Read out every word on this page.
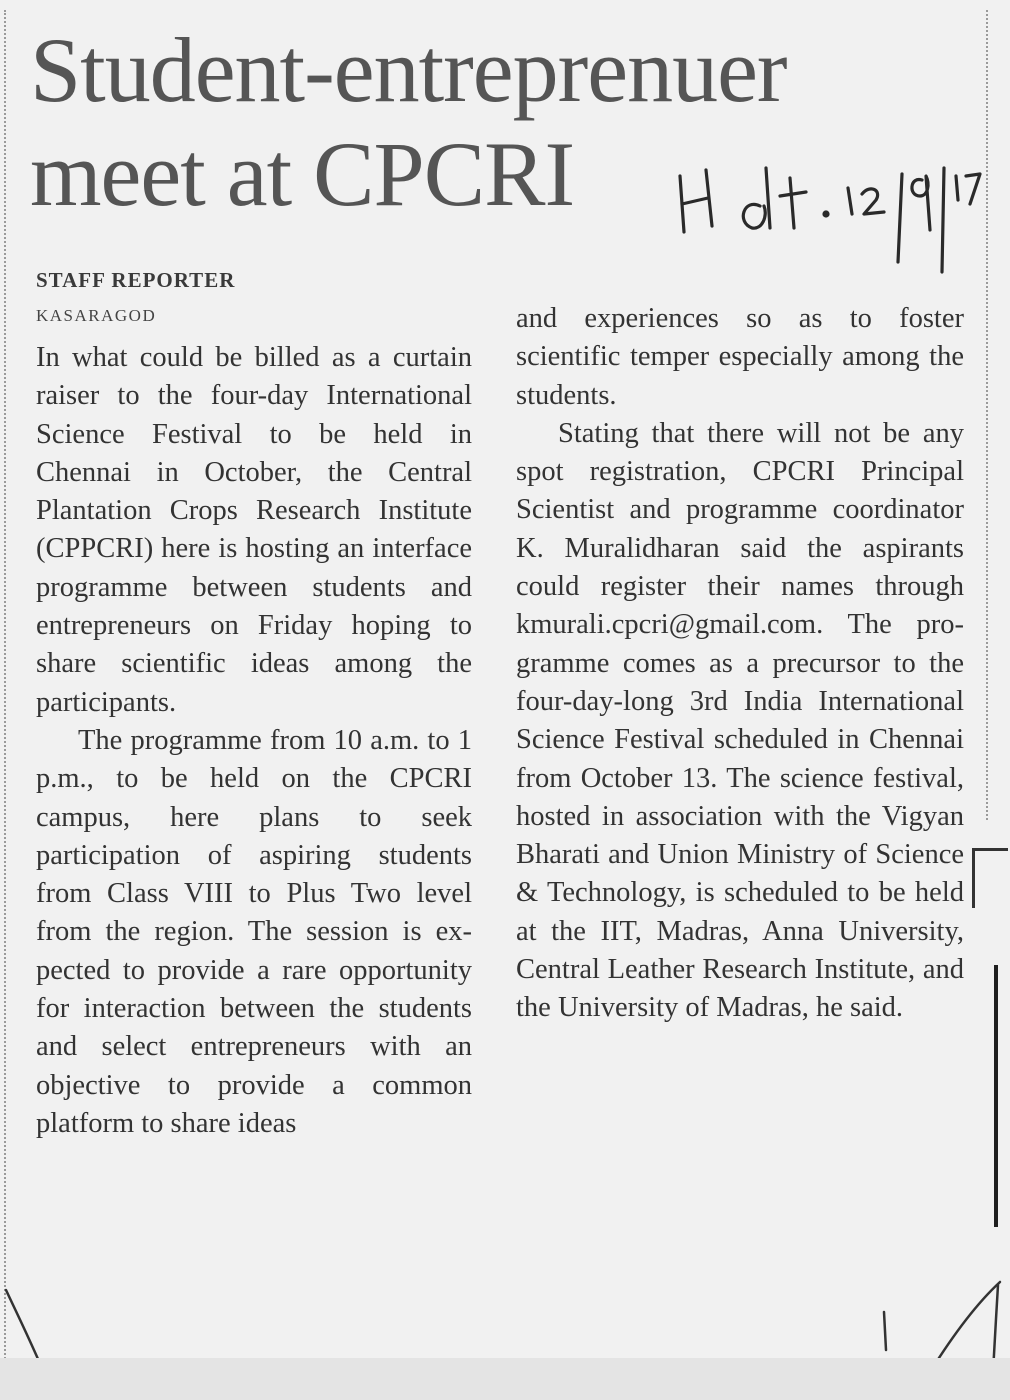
Student-entreprenuer
meet at CPCRI
STAFF REPORTER
KASARAGOD

In what could be billed as a curtain raiser to the four-day International Science Festival to be held in Chennai in October, the Central Plantation Crops Research Institute (CPPCRI) here is hosting an interface programme between students and entrepreneurs on Friday hoping to share scientific ideas among the participants.

The programme from 10 a.m. to 1 p.m., to be held on the CPCRI campus, here plans to seek participation of aspiring students from Class VIII to Plus Two level from the region. The session is expected to provide a rare opportunity for interaction between the students and select entrepreneurs with an objective to provide a common platform to share ideas

and experiences so as to foster scientific temper especially among the students.

Stating that there will not be any spot registration, CPCRI Principal Scientist and programme coordinator K. Muralidharan said the aspirants could register their names through kmurali.cpcri@gmail.com. The programme comes as a precursor to the four-day-long 3rd India International Science Festival scheduled in Chennai from October 13. The science festival, hosted in association with the Vigyan Bharati and Union Ministry of Science & Technology, is scheduled to be held at the IIT, Madras, Anna University, Central Leather Research Institute, and the University of Madras, he said.
